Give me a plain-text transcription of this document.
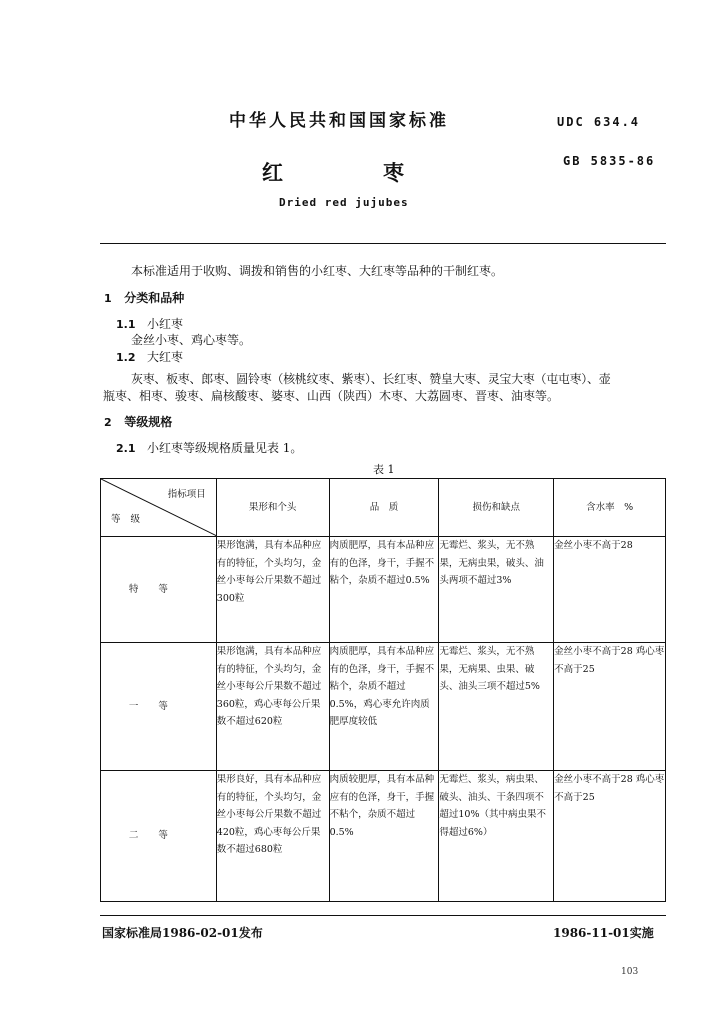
中华人民共和国国家标准	UDC 634.4
GB 5835-86
红	枣
Dried red jujubes
本标准适用于收购、调拨和销售的小红枣、大红枣等品种的干制红枣。
1 分类和品种
1.1 小红枣
金丝小枣、鸡心枣等。
1.2 大红枣
灰枣、板枣、郎枣、圆铃枣（核桃纹枣、紫枣）、长红枣、赞皇大枣、灵宝大枣（屯屯枣）、壶
瓶枣、相枣、骏枣、扁核酸枣、婆枣、山西（陕西）木枣、大荔圆枣、晋枣、油枣等。
2 等级规格
2.1 小红枣等级规格质量见表 1。
表 1
指标项目
等级	果形和个头	品　质	损伤和缺点	含水率　%
特等	果形饱满，具有本品种应有的特征，个头均匀，金丝小枣每公斤果数不超过300粒	肉质肥厚，具有本品种应有的色泽，身干，手握不粘个，杂质不超过0.5%	无霉烂、浆头，无不熟果，无病虫果，破头、油头两项不超过3%	金丝小枣不高于28
一等	果形饱满，具有本品种应有的特征，个头均匀，金丝小枣每公斤果数不超过360粒，鸡心枣每公斤果数不超过620粒	肉质肥厚，具有本品种应有的色泽，身干，手握不粘个，杂质不超过0.5%，鸡心枣允许肉质肥厚度较低	无霉烂、浆头，无不熟果，无病果、虫果、破头、油头三项不超过5%	金丝小枣不高于28 鸡心枣不高于25
二等	果形良好，具有本品种应有的特征，个头均匀，金丝小枣每公斤果数不超过420粒，鸡心枣每公斤果数不超过680粒	肉质较肥厚，具有本品种应有的色泽，身干，手握不粘个，杂质不超过0.5%	无霉烂、浆头，病虫果、破头、油头、干条四项不超过10%（其中病虫果不得超过6%）	金丝小枣不高于28 鸡心枣不高于25
国家标准局1986-02-01发布	1986-11-01实施
103
